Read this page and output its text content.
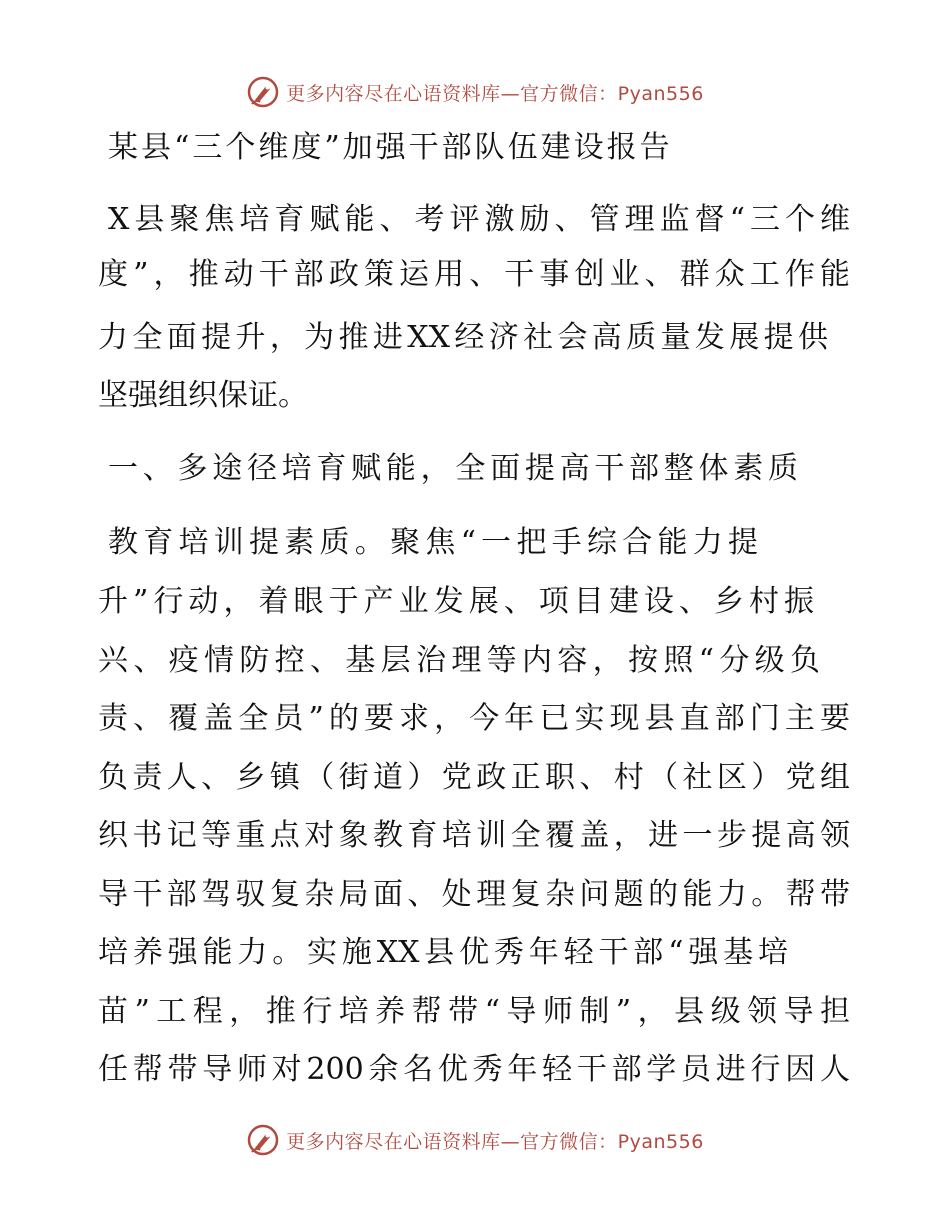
更多内容尽在心语资料库—官方微信：Pyan556
某县“三个维度”加强干部队伍建设报告
X县聚焦培育赋能、考评激励、管理监督“三个维
度”，推动干部政策运用、干事创业、群众工作能
力全面提升，为推进XX经济社会高质量发展提供
坚强组织保证。
一、多途径培育赋能，全面提高干部整体素质
教育培训提素质。聚焦“一把手综合能力提
升”行动，着眼于产业发展、项目建设、乡村振
兴、疫情防控、基层治理等内容，按照“分级负
责、覆盖全员”的要求，今年已实现县直部门主要
负责人、乡镇（街道）党政正职、村（社区）党组
织书记等重点对象教育培训全覆盖，进一步提高领
导干部驾驭复杂局面、处理复杂问题的能力。帮带
培养强能力。实施XX县优秀年轻干部“强基培
苗”工程，推行培养帮带“导师制”，县级领导担
任帮带导师对200余名优秀年轻干部学员进行因人
更多内容尽在心语资料库—官方微信：Pyan556
